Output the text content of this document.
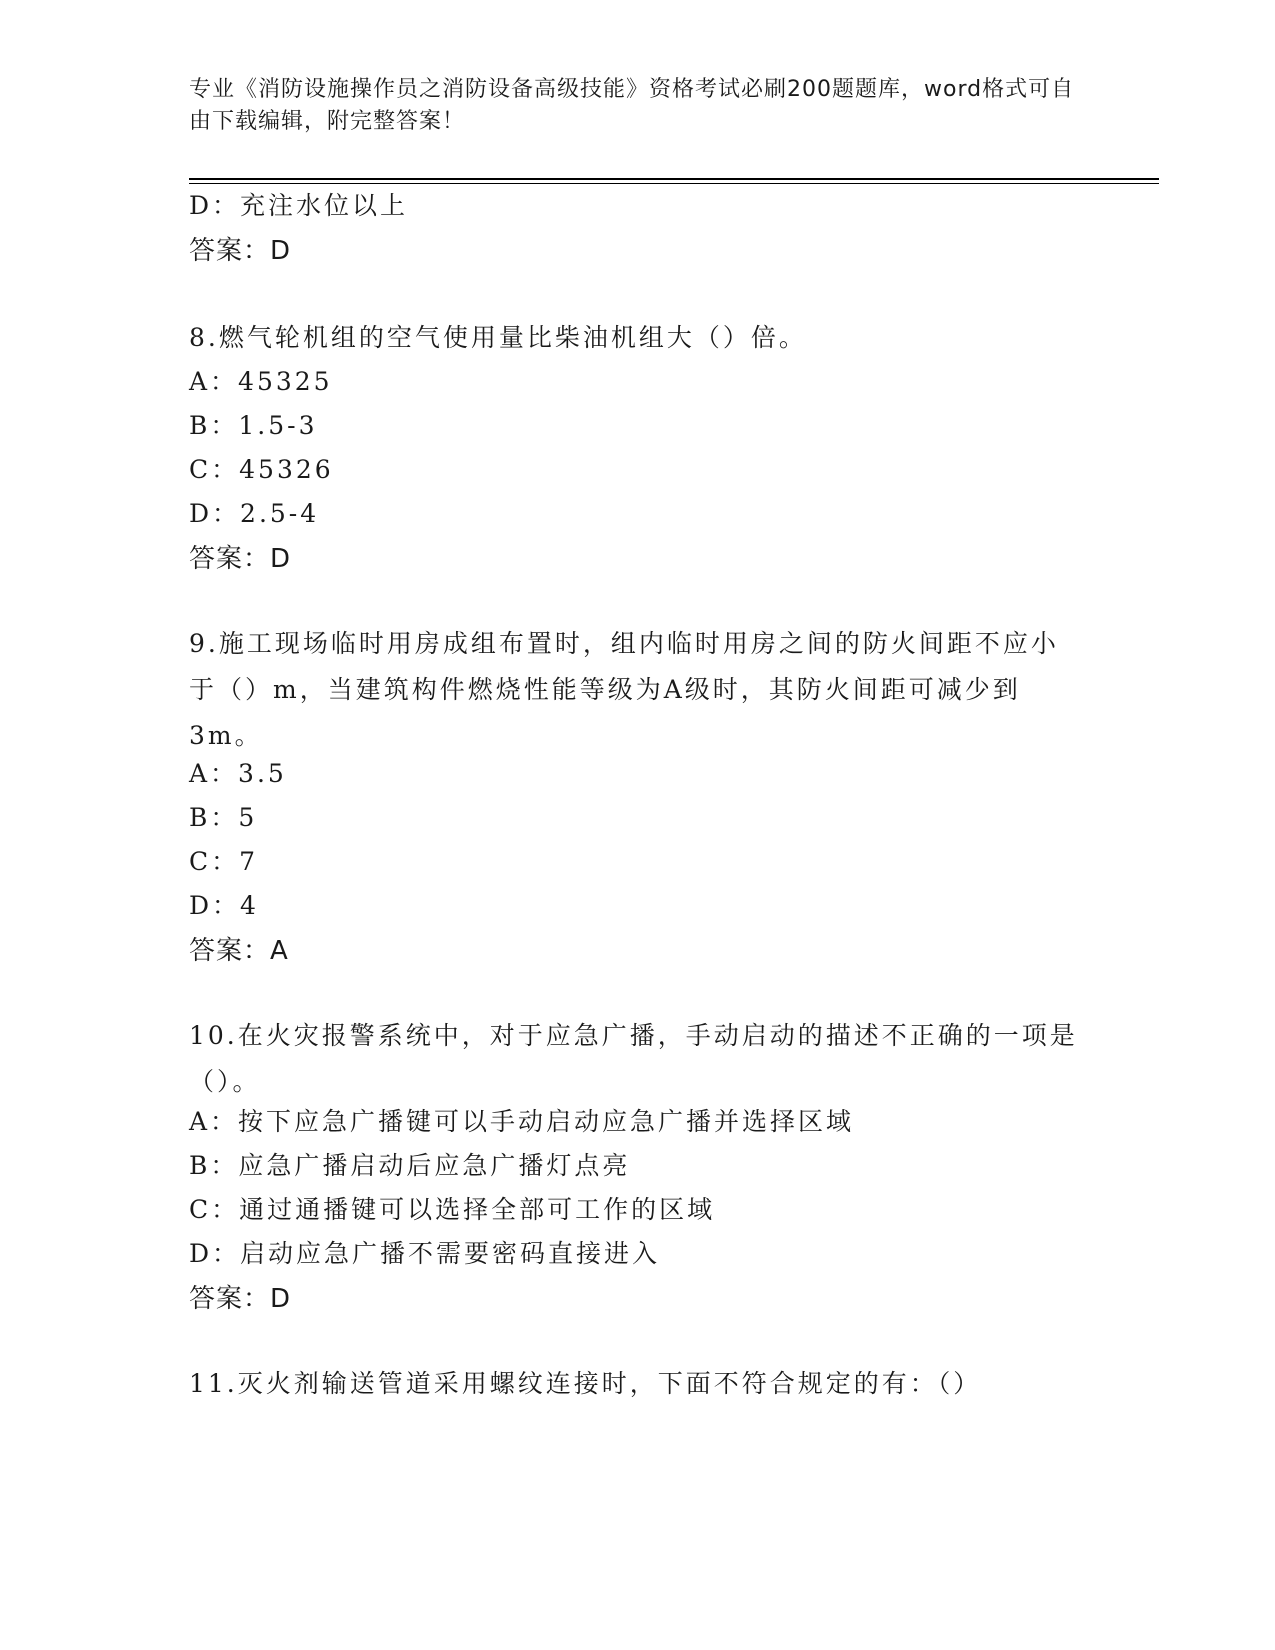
专业《消防设施操作员之消防设备高级技能》资格考试必刷200题题库，word格式可自由下载编辑，附完整答案！
D：充注水位以上
答案：D
8.燃气轮机组的空气使用量比柴油机组大（）倍。
A：45325
B：1.5-3
C：45326
D：2.5-4
答案：D
9.施工现场临时用房成组布置时，组内临时用房之间的防火间距不应小于（）m，当建筑构件燃烧性能等级为A级时，其防火间距可减少到3m。
A：3.5
B：5
C：7
D：4
答案：A
10.在火灾报警系统中，对于应急广播，手动启动的描述不正确的一项是（）。
A：按下应急广播键可以手动启动应急广播并选择区域
B：应急广播启动后应急广播灯点亮
C：通过通播键可以选择全部可工作的区域
D：启动应急广播不需要密码直接进入
答案：D
11.灭火剂输送管道采用螺纹连接时，下面不符合规定的有：（）
